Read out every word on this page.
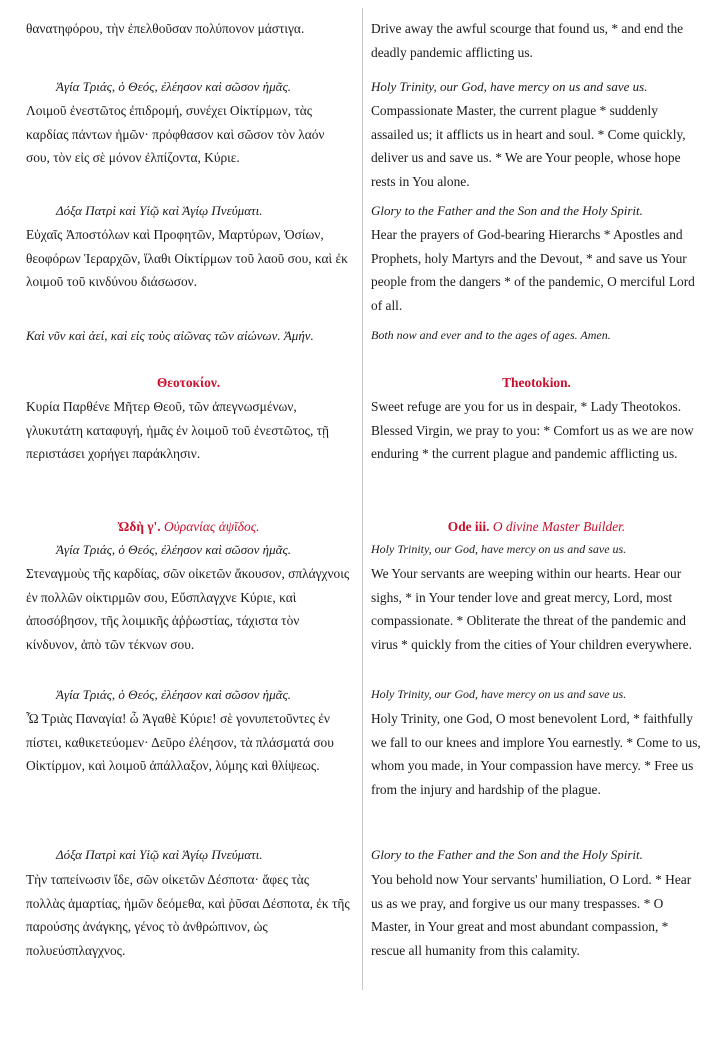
θανατηφόρου, τὴν ἐπελθοῦσαν πολύπονον μάστιγα.

Ἁγία Τριάς, ὁ Θεός, ἐλέησον καὶ σῶσον ἡμᾶς.

Λοιμοῦ ἐνεστῶτος ἐπιδρομή, συνέχει Οἰκτίρμων, τὰς καρδίας πάντων ἡμῶν· πρόφθασον καὶ σῶσον τὸν λαόν σου, τὸν εἰς σὲ μόνον ἐλπίζοντα, Κύριε.

Δόξα Πατρὶ καὶ Υἱῷ καὶ Ἁγίῳ Πνεύματι.

Εὐχαῖς Ἀποστόλων καὶ Προφητῶν, Μαρτύρων, Ὁσίων, θεοφόρων Ἱεραρχῶν, ἵλαθι Οἰκτίρμων τοῦ λαοῦ σου, καὶ ἐκ λοιμοῦ τοῦ κινδύνου διάσωσον.

Καὶ νῦν καὶ ἀεί, καὶ εἰς τοὺς αἰῶνας τῶν αἰώνων. Ἀμήν.

Θεοτοκίον.

Κυρία Παρθένε Μῆτερ Θεοῦ, τῶν ἀπεγνωσμένων, γλυκυτάτη καταφυγή, ἡμᾶς ἐν λοιμοῦ τοῦ ἐνεστῶτος, τῇ περιστάσει χορήγει παράκλησιν.

Ὠδὴ γ'. Οὐρανίας ἁψῖδος.

Ἁγία Τριάς, ὁ Θεός, ἐλέησον καὶ σῶσον ἡμᾶς.

Στεναγμοὺς τῆς καρδίας, σῶν οἰκετῶν ἄκουσον, σπλάγχνοις ἐν πολλῶν οἰκτιρμῶν σου, Εὔσπλαγχνε Κύριε, καὶ ἀποσόβησον, τῆς λοιμικῆς ἀῤῥωστίας, τάχιστα τὸν κίνδυνον, ἀπὸ τῶν τέκνων σου.

Ἁγία Τριάς, ὁ Θεός, ἐλέησον καὶ σῶσον ἡμᾶς.

Ὦ Τριὰς Παναγία! ὦ Ἀγαθὲ Κύριε! σὲ γονυπετοῦντες ἐν πίστει, καθικετεύομεν· Δεῦρο ἐλέησον, τὰ πλάσματά σου Οἰκτίρμον, καὶ λοιμοῦ ἀπάλλαξον, λύμης καὶ θλίψεως.

Δόξα Πατρὶ καὶ Υἱῷ καὶ Ἁγίῳ Πνεύματι.

Τὴν ταπείνωσιν ἴδε, σῶν οἰκετῶν Δέσποτα· ἄφες τὰς πολλὰς ἁμαρτίας, ἡμῶν δεόμεθα, καὶ ῥῦσαι Δέσποτα, ἐκ τῆς παρούσης ἀνάγκης, γένος τὸ ἀνθρώπινον, ὡς πολυεύσπλαγχνος.

Drive away the awful scourge that found us, * and end the deadly pandemic afflicting us.

Holy Trinity, our God, have mercy on us and save us.

Compassionate Master, the current plague * suddenly assailed us; it afflicts us in heart and soul. * Come quickly, deliver us and save us. * We are Your people, whose hope rests in You alone.

Glory to the Father and the Son and the Holy Spirit.

Hear the prayers of God-bearing Hierarchs * Apostles and Prophets, holy Martyrs and the Devout, * and save us Your people from the dangers * of the pandemic, O merciful Lord of all.

Both now and ever and to the ages of ages. Amen.

Theotokion.

Sweet refuge are you for us in despair, * Lady Theotokos. Blessed Virgin, we pray to you: * Comfort us as we are now enduring * the current plague and pandemic afflicting us.

Ode iii. O divine Master Builder.

Holy Trinity, our God, have mercy on us and save us.

We Your servants are weeping within our hearts. Hear our sighs, * in Your tender love and great mercy, Lord, most compassionate. * Obliterate the threat of the pandemic and virus * quickly from the cities of Your children everywhere.

Holy Trinity, our God, have mercy on us and save us.

Holy Trinity, one God, O most benevolent Lord, * faithfully we fall to our knees and implore You earnestly. * Come to us, whom you made, in Your compassion have mercy. * Free us from the injury and hardship of the plague.

Glory to the Father and the Son and the Holy Spirit.

You behold now Your servants' humiliation, O Lord. * Hear us as we pray, and forgive us our many trespasses. * O Master, in Your great and most abundant compassion, * rescue all humanity from this calamity.
